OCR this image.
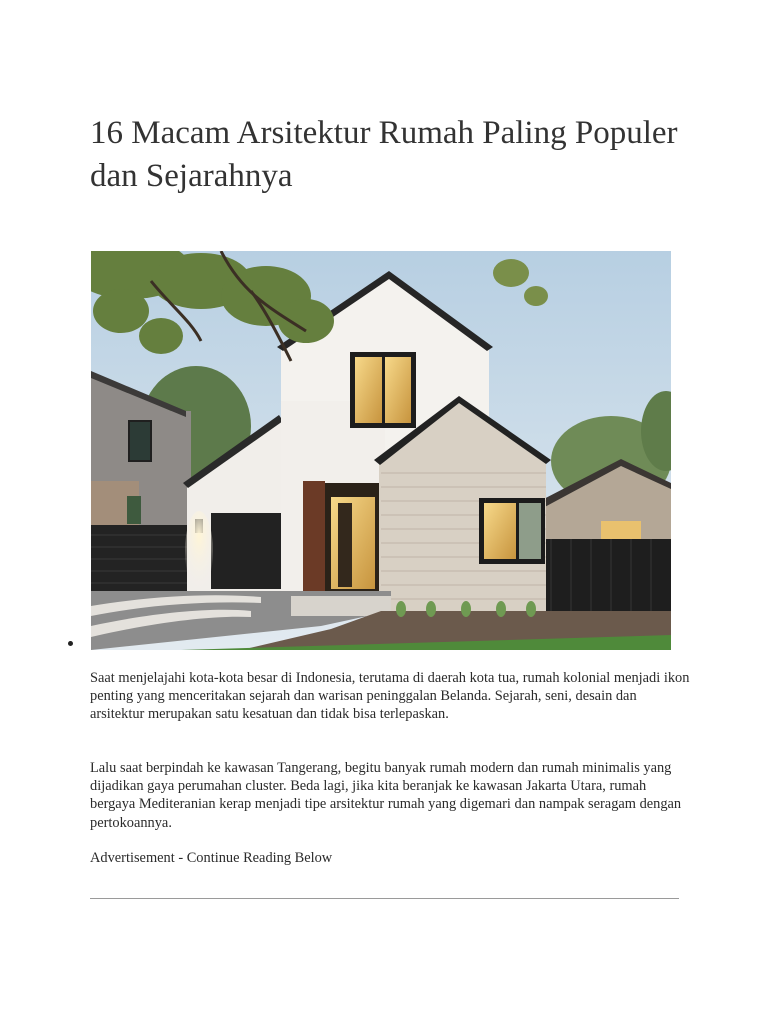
16 Macam Arsitektur Rumah Paling Populer dan Sejarahnya

Saat menjelajahi kota-kota besar di Indonesia, terutama di daerah kota tua, rumah kolonial menjadi ikon penting yang menceritakan sejarah dan warisan peninggalan Belanda. Sejarah, seni, desain dan arsitektur merupakan satu kesatuan dan tidak bisa terlepaskan.

Lalu saat berpindah ke kawasan Tangerang, begitu banyak rumah modern dan rumah minimalis yang dijadikan gaya perumahan cluster. Beda lagi, jika kita beranjak ke kawasan Jakarta Utara, rumah bergaya Mediteranian kerap menjadi tipe arsitektur rumah yang digemari dan nampak seragam dengan pertokoannya.

Advertisement - Continue Reading Below
